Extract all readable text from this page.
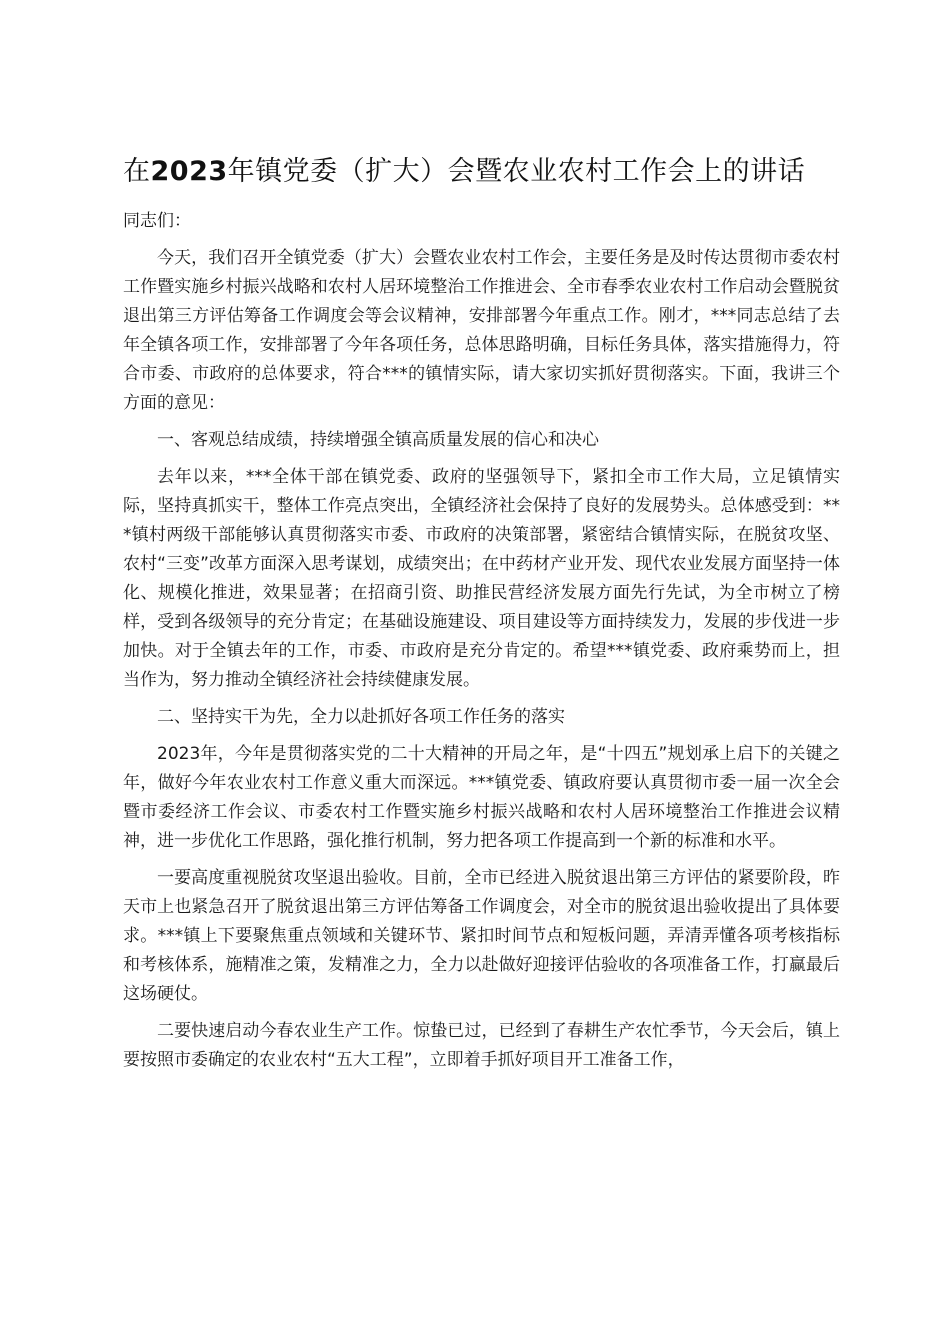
在2023年镇党委（扩大）会暨农业农村工作会上的讲话

同志们：

今天，我们召开全镇党委（扩大）会暨农业农村工作会，主要任务是及时传达贯彻市委农村工作暨实施乡村振兴战略和农村人居环境整治工作推进会、全市春季农业农村工作启动会暨脱贫退出第三方评估筹备工作调度会等会议精神，安排部署今年重点工作。刚才，***同志总结了去年全镇各项工作，安排部署了今年各项任务，总体思路明确，目标任务具体，落实措施得力，符合市委、市政府的总体要求，符合***的镇情实际，请大家切实抓好贯彻落实。下面，我讲三个方面的意见：

一、客观总结成绩，持续增强全镇高质量发展的信心和决心

去年以来，***全体干部在镇党委、政府的坚强领导下，紧扣全市工作大局，立足镇情实际，坚持真抓实干，整体工作亮点突出，全镇经济社会保持了良好的发展势头。总体感受到：***镇村两级干部能够认真贯彻落实市委、市政府的决策部署，紧密结合镇情实际，在脱贫攻坚、农村“三变”改革方面深入思考谋划，成绩突出；在中药材产业开发、现代农业发展方面坚持一体化、规模化推进，效果显著；在招商引资、助推民营经济发展方面先行先试，为全市树立了榜样，受到各级领导的充分肯定；在基础设施建设、项目建设等方面持续发力，发展的步伐进一步加快。对于全镇去年的工作，市委、市政府是充分肯定的。希望***镇党委、政府乘势而上，担当作为，努力推动全镇经济社会持续健康发展。

二、坚持实干为先，全力以赴抓好各项工作任务的落实

2023年，今年是贯彻落实党的二十大精神的开局之年，是“十四五”规划承上启下的关键之年，做好今年农业农村工作意义重大而深远。***镇党委、镇政府要认真贯彻市委一届一次全会暨市委经济工作会议、市委农村工作暨实施乡村振兴战略和农村人居环境整治工作推进会议精神，进一步优化工作思路，强化推行机制，努力把各项工作提高到一个新的标准和水平。

一要高度重视脱贫攻坚退出验收。目前，全市已经进入脱贫退出第三方评估的紧要阶段，昨天市上也紧急召开了脱贫退出第三方评估筹备工作调度会，对全市的脱贫退出验收提出了具体要求。***镇上下要聚焦重点领域和关键环节、紧扣时间节点和短板问题，弄清弄懂各项考核指标和考核体系，施精准之策，发精准之力，全力以赴做好迎接评估验收的各项准备工作，打赢最后这场硬仗。

二要快速启动今春农业生产工作。惊蛰已过，已经到了春耕生产农忙季节，今天会后，镇上要按照市委确定的农业农村“五大工程”，立即着手抓好项目开工准备工作，
